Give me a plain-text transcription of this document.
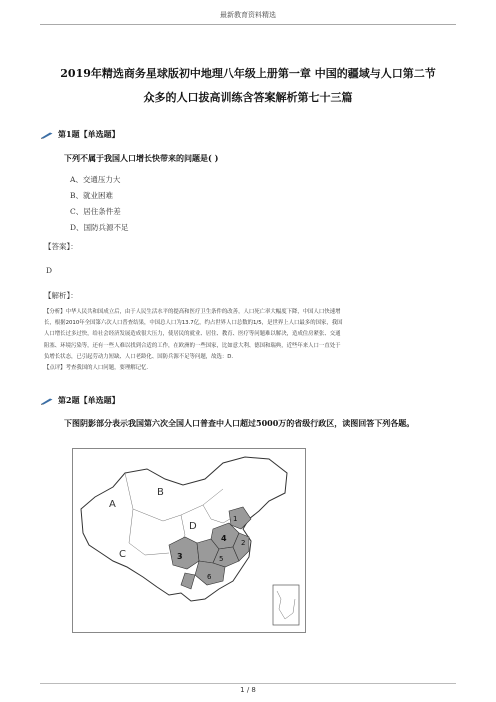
最新教育资料精选
2019年精选商务星球版初中地理八年级上册第一章 中国的疆域与人口第二节
众多的人口拔高训练含答案解析第七十三篇
第1题【单选题】
下列不属于我国人口增长快带来的问题是( )
A、交通压力大
B、就业困难
C、居住条件差
D、国防兵源不足
【答案】：
D
【解析】：
【分析】中华人民共和国成立后，由于人民生活水平的提高和医疗卫生条件的改善，人口死亡率大幅度下降，中国人口快速增
长，根据2010年全国第六次人口普查结果，中国总人口为13.7亿，约占世界人口总数的1/5，是世界上人口最多的国家，我国
人口增长过多过快，给社会经济发展造成很大压力，使居民的就业、居住、教育、医疗等问题难以解决，造成住房紧张、交通
阻塞、环境污染等，还有一些人难以找到合适的工作，在欧洲的一些国家，比如意大利、德国和瑞典，近些年来人口一直处于
负增长状态，已引起劳动力短缺、人口老龄化、国防兵源不足等问题，故选：D．
【点评】考查我国的人口问题，要理解记忆．
第2题【单选题】
下图阴影部分表示我国第六次全国人口普查中人口超过5000万的省级行政区，读图回答下列各题。
A
B
C
D
1
2
3
4
5
6
1 / 8
